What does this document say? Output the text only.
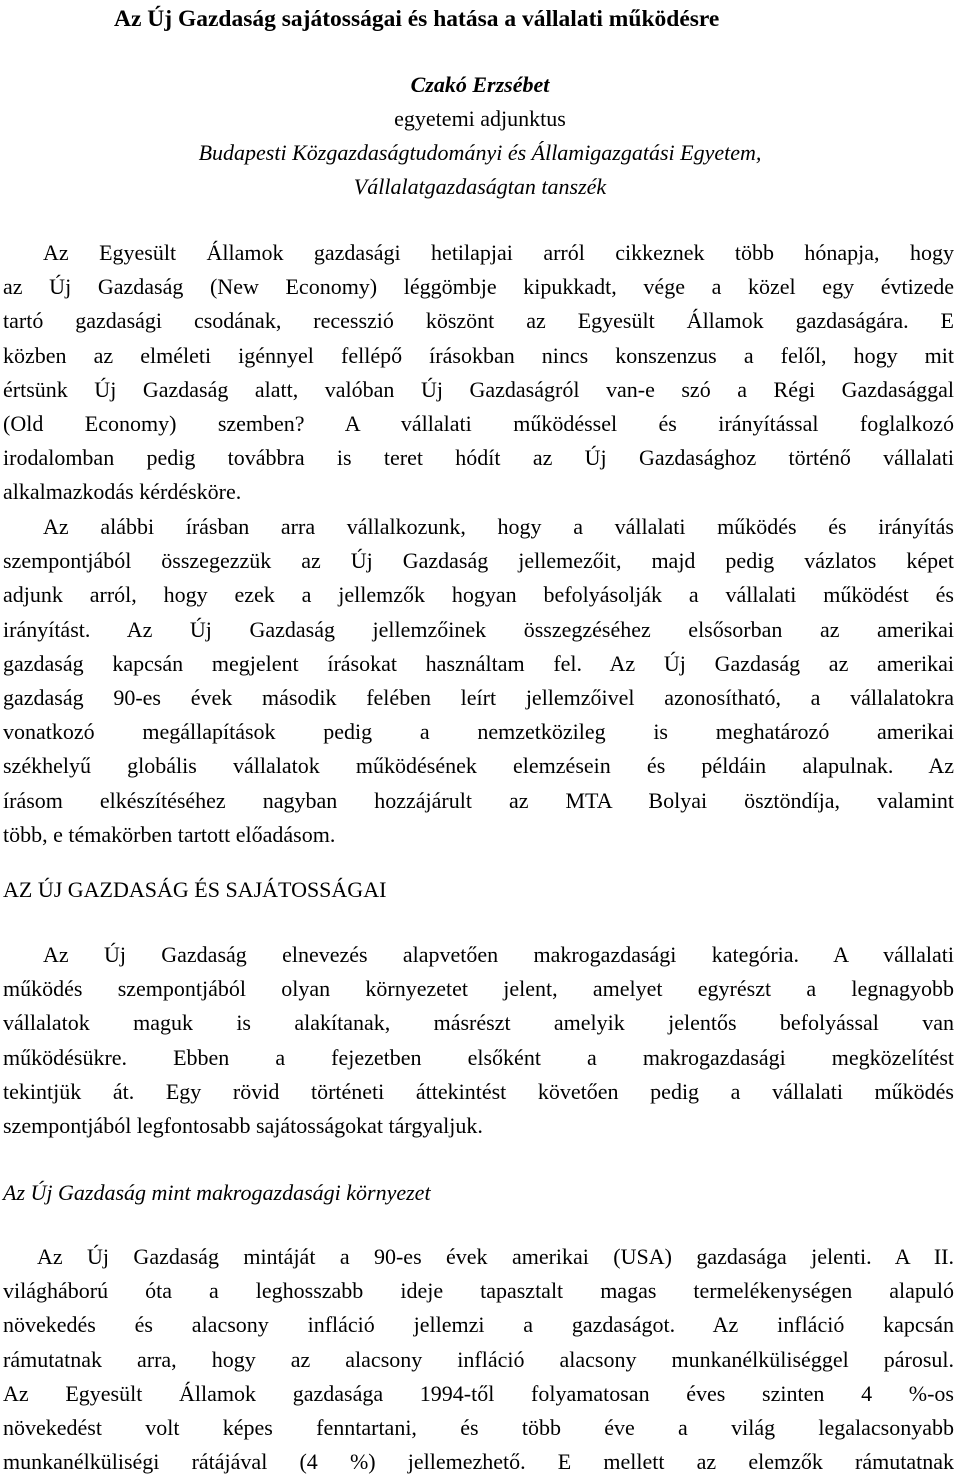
Az Új Gazdaság sajátosságai és hatása a vállalati működésre
Czakó Erzsébet
egyetemi adjunktus
Budapesti Közgazdaságtudományi és Államigazgatási Egyetem,
Vállalatgazdaságtan tanszék
Az Egyesült Államok gazdasági hetilapjai arról cikkeznek több hónapja, hogy
az Új Gazdaság (New Economy) léggömbje kipukkadt, vége a közel egy évtizede
tartó gazdasági csodának, recesszió köszönt az Egyesült Államok gazdaságára. E
közben az elméleti igénnyel fellépő írásokban nincs konszenzus a felől, hogy mit
értsünk Új Gazdaság alatt, valóban Új Gazdaságról van-e szó a Régi Gazdasággal
(Old Economy) szemben? A vállalati működéssel és irányítással foglalkozó
irodalomban pedig továbbra is teret hódít az Új Gazdasághoz történő vállalati
alkalmazkodás kérdésköre.
Az alábbi írásban arra vállalkozunk, hogy a vállalati működés és irányítás
szempontjából összegezzük az Új Gazdaság jellemezőit, majd pedig vázlatos képet
adjunk arról, hogy ezek a jellemzők hogyan befolyásolják a vállalati működést és
irányítást. Az Új Gazdaság jellemzőinek összegzéséhez elsősorban az amerikai
gazdaság kapcsán megjelent írásokat használtam fel. Az Új Gazdaság az amerikai
gazdaság 90-es évek második felében leírt jellemzőivel azonosítható, a vállalatokra
vonatkozó megállapítások pedig a nemzetközileg is meghatározó amerikai
székhelyű globális vállalatok működésének elemzésein és példáin alapulnak. Az
írásom elkészítéséhez nagyban hozzájárult az MTA Bolyai ösztöndíja, valamint
több, e témakörben tartott előadásom.
AZ ÚJ GAZDASÁG ÉS SAJÁTOSSÁGAI
Az Új Gazdaság elnevezés alapvetően makrogazdasági kategória. A vállalati
működés szempontjából olyan környezetet jelent, amelyet egyrészt a legnagyobb
vállalatok maguk is alakítanak, másrészt amelyik jelentős befolyással van
működésükre. Ebben a fejezetben elsőként a makrogazdasági megközelítést
tekintjük át. Egy rövid történeti áttekintést követően pedig a vállalati működés
szempontjából legfontosabb sajátosságokat tárgyaljuk.
Az Új Gazdaság mint makrogazdasági környezet
Az Új Gazdaság mintáját a 90-es évek amerikai (USA) gazdasága jelenti. A II.
világháború óta a leghosszabb ideje tapasztalt magas termelékenységen alapuló
növekedés és alacsony infláció jellemzi a gazdaságot. Az infláció kapcsán
rámutatnak arra, hogy az alacsony infláció alacsony munkanélküliséggel párosul.
Az Egyesült Államok gazdasága 1994-től folyamatosan éves szinten 4 %-os
növekedést volt képes fenntartani, és több éve a világ legalacsonyabb
munkanélküliségi rátájával (4 %) jellemezhető. E mellett az elemzők rámutatnak
